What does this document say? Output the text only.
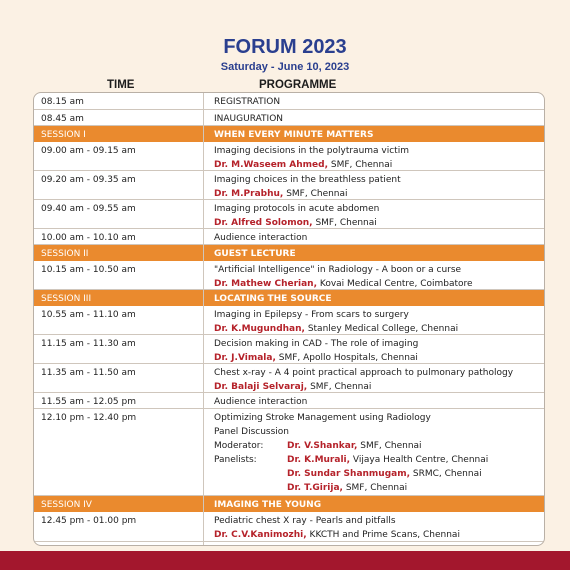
FORUM 2023
Saturday - June 10, 2023
TIME	PROGRAMME
08.15 am	REGISTRATION
08.45 am	INAUGURATION
SESSION I	WHEN EVERY MINUTE MATTERS
09.00 am - 09.15 am	Imaging decisions in the polytrauma victim
Dr. M.Waseem Ahmed, SMF, Chennai
09.20 am - 09.35 am	Imaging choices in the breathless patient
Dr. M.Prabhu, SMF, Chennai
09.40 am - 09.55 am	Imaging protocols in acute abdomen
Dr. Alfred Solomon, SMF, Chennai
10.00 am - 10.10 am	Audience interaction
SESSION II	GUEST LECTURE
10.15 am - 10.50 am	"Artificial Intelligence" in Radiology - A boon or a curse
Dr. Mathew Cherian, Kovai Medical Centre, Coimbatore
SESSION III	LOCATING THE SOURCE
10.55 am - 11.10 am	Imaging in Epilepsy - From scars to surgery
Dr. K.Mugundhan, Stanley Medical College, Chennai
11.15 am - 11.30 am	Decision making in CAD - The role of imaging
Dr. J.Vimala, SMF, Apollo Hospitals, Chennai
11.35 am - 11.50 am	Chest x-ray - A 4 point practical approach to pulmonary pathology
Dr. Balaji Selvaraj, SMF, Chennai
11.55 am - 12.05 pm	Audience interaction
12.10 pm - 12.40 pm	Optimizing Stroke Management using Radiology
Panel Discussion
Moderator:	Dr. V.Shankar, SMF, Chennai
Panelists:	Dr. K.Murali, Vijaya Health Centre, Chennai
Dr. Sundar Shanmugam, SRMC, Chennai
Dr. T.Girija, SMF, Chennai
SESSION IV	IMAGING THE YOUNG
12.45 pm - 01.00 pm	Pediatric chest X ray - Pearls and pitfalls
Dr. C.V.Kanimozhi, KKCTH and Prime Scans, Chennai
